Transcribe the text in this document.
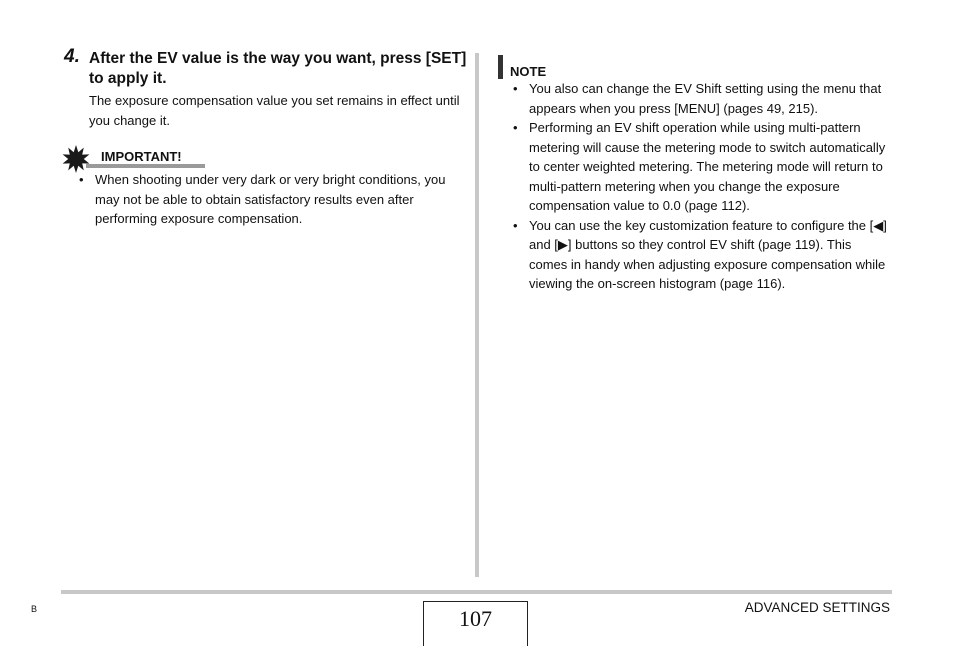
4. After the EV value is the way you want, press [SET] to apply it.
The exposure compensation value you set remains in effect until you change it.
IMPORTANT!
• When shooting under very dark or very bright conditions, you may not be able to obtain satisfactory results even after performing exposure compensation.
NOTE
• You also can change the EV Shift setting using the menu that appears when you press [MENU] (pages 49, 215).
• Performing an EV shift operation while using multi-pattern metering will cause the metering mode to switch automatically to center weighted metering. The metering mode will return to multi-pattern metering when you change the exposure compensation value to 0.0 (page 112).
• You can use the key customization feature to configure the [◀] and [▶] buttons so they control EV shift (page 119). This comes in handy when adjusting exposure compensation while viewing the on-screen histogram (page 116).
107	ADVANCED SETTINGS
B
